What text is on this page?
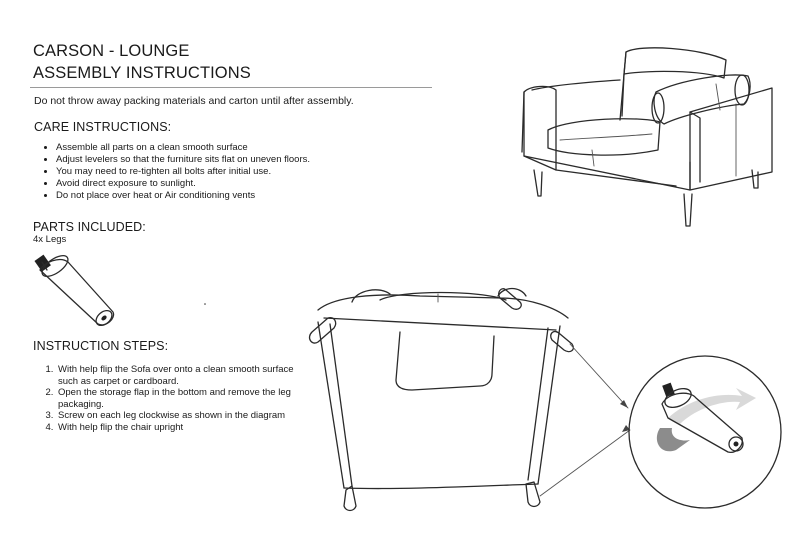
CARSON - LOUNGE
ASSEMBLY INSTRUCTIONS
Do not throw away packing materials and carton until after assembly.
CARE INSTRUCTIONS:
• Assemble all parts on a clean smooth surface
• Adjust levelers so that the furniture sits flat on uneven floors.
• You may need to re-tighten all bolts after initial use.
• Avoid direct exposure to sunlight.
• Do not place over heat or Air conditioning vents
PARTS INCLUDED:
4x Legs
INSTRUCTION STEPS:
1. With help flip the Sofa over onto a clean smooth surface such as carpet or cardboard.
2. Open the storage flap in the bottom and remove the leg packaging.
3. Screw on each leg clockwise as shown in the diagram
4. With help flip the chair upright
